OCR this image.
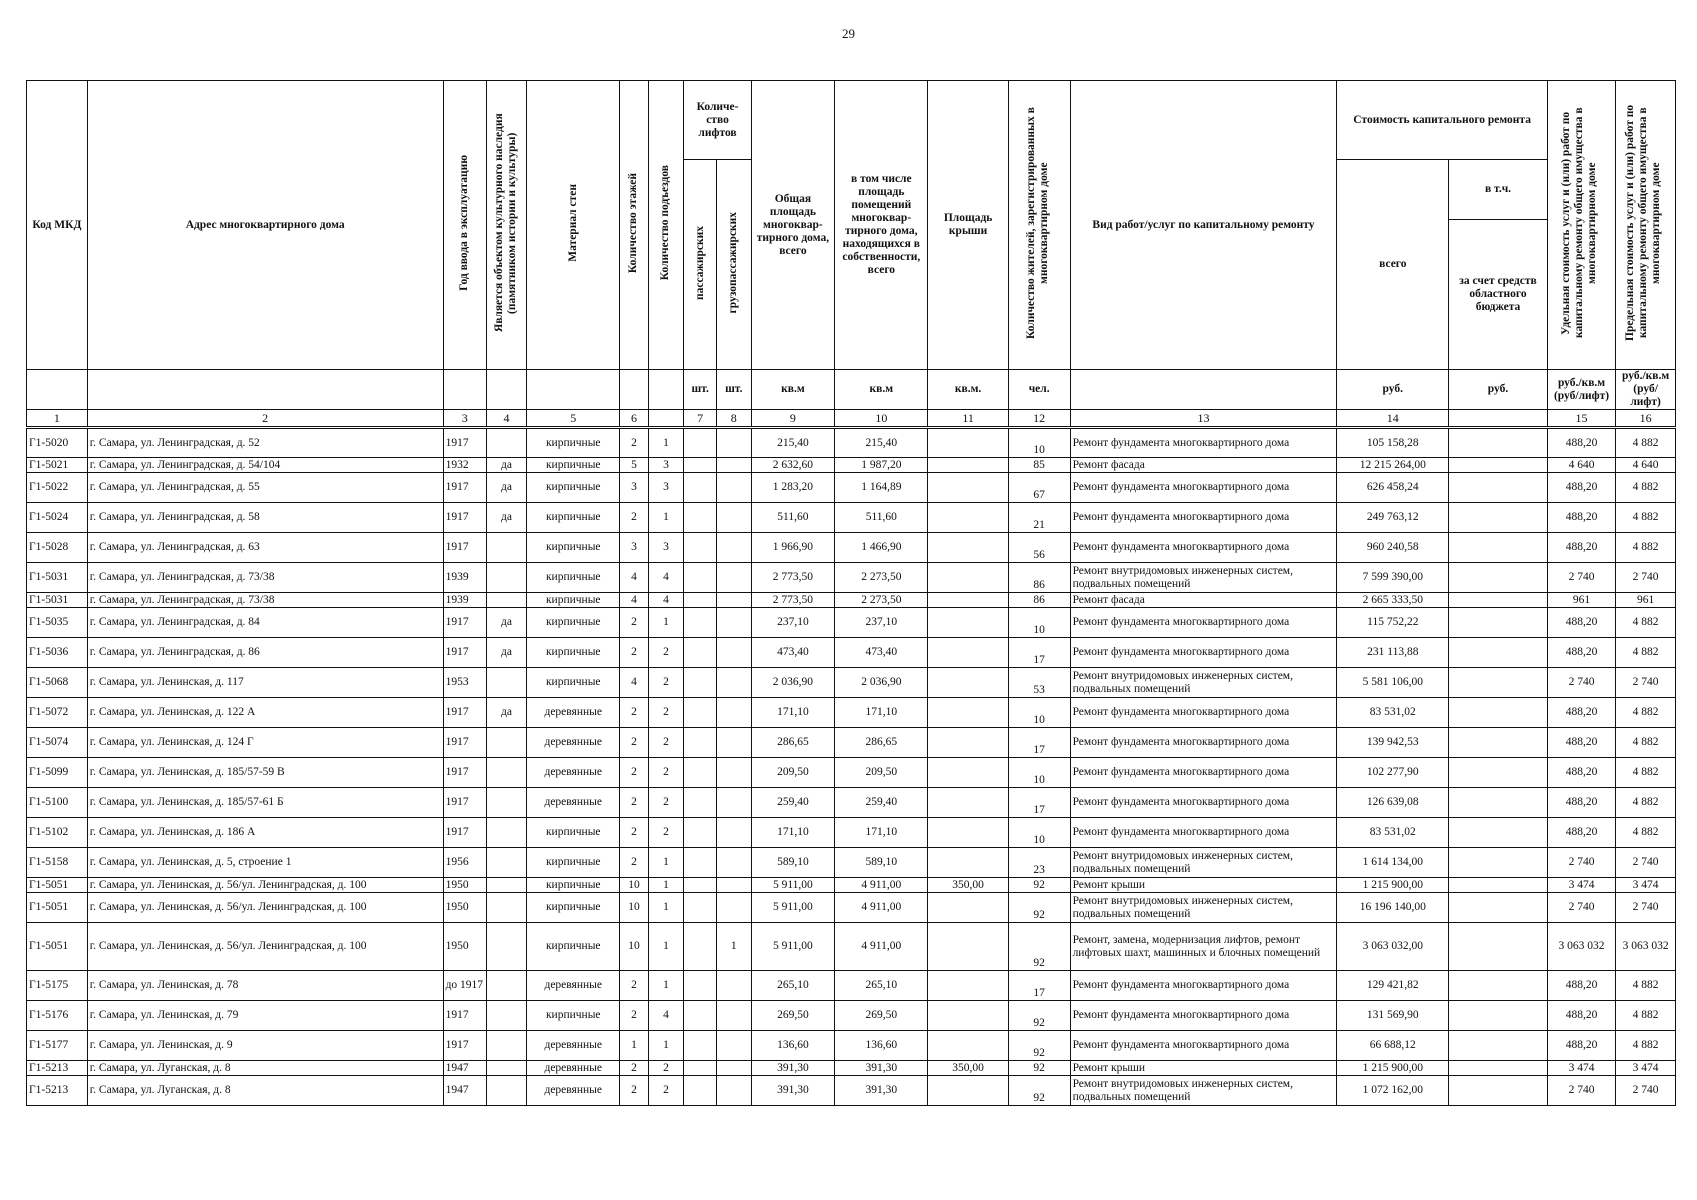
29
Код МКД	Адрес многоквартирного дома	Год ввода в эксплуатацию	Является объектом культурного наследия (памятником истории и культуры)	Материал стен	Количество этажей	Количество подъездов	Количе-ство лифтов		Общая площадь многоквар-тирного дома, всего	в том числе площадь помещений многоквар-тирного дома, находящихся в собственности, всего	Площадь крыши	Количество жителей, зарегистрированных в многоквартирном доме	Вид работ/услуг по капитальному ремонту	Стоимость капитального ремонта		Удельная стоимость услуг и (или) работ по капитальному ремонту общего имущества в многоквартирном доме	Предельная стоимость услуг и (или) работ по капитальному ремонту общего имущества в многоквартирном доме
							пассажирских	грузопассажирских						всего	в т.ч.		
															за счет средств областного бюджета		
							шт.	шт.	кв.м	кв.м	кв.м.	чел.		руб.	руб.	руб./кв.м (руб/лифт)	руб./кв.м (руб/лифт)
1	2	3	4	5	6		7	8	9	10	11	12	13	14		15	16
Г1-5020	г. Самара, ул. Ленинградская, д. 52	1917		кирпичные	2	1			215,40	215,40		10	Ремонт фундамента многоквартирного дома	105 158,28		488,20	4 882
Г1-5021	г. Самара, ул. Ленинградская, д. 54/104	1932	да	кирпичные	5	3			2 632,60	1 987,20		85	Ремонт фасада	12 215 264,00		4 640	4 640
Г1-5022	г. Самара, ул. Ленинградская, д. 55	1917	да	кирпичные	3	3			1 283,20	1 164,89		67	Ремонт фундамента многоквартирного дома	626 458,24		488,20	4 882
Г1-5024	г. Самара, ул. Ленинградская, д. 58	1917	да	кирпичные	2	1			511,60	511,60		21	Ремонт фундамента многоквартирного дома	249 763,12		488,20	4 882
Г1-5028	г. Самара, ул. Ленинградская, д. 63	1917		кирпичные	3	3			1 966,90	1 466,90		56	Ремонт фундамента многоквартирного дома	960 240,58		488,20	4 882
Г1-5031	г. Самара, ул. Ленинградская, д. 73/38	1939		кирпичные	4	4			2 773,50	2 273,50		86	Ремонт внутридомовых инженерных систем, подвальных помещений	7 599 390,00		2 740	2 740
Г1-5031	г. Самара, ул. Ленинградская, д. 73/38	1939		кирпичные	4	4			2 773,50	2 273,50		86	Ремонт фасада	2 665 333,50		961	961
Г1-5035	г. Самара, ул. Ленинградская, д. 84	1917	да	кирпичные	2	1			237,10	237,10		10	Ремонт фундамента многоквартирного дома	115 752,22		488,20	4 882
Г1-5036	г. Самара, ул. Ленинградская, д. 86	1917	да	кирпичные	2	2			473,40	473,40		17	Ремонт фундамента многоквартирного дома	231 113,88		488,20	4 882
Г1-5068	г. Самара, ул. Ленинская, д. 117	1953		кирпичные	4	2			2 036,90	2 036,90		53	Ремонт внутридомовых инженерных систем, подвальных помещений	5 581 106,00		2 740	2 740
Г1-5072	г. Самара, ул. Ленинская, д. 122 А	1917	да	деревянные	2	2			171,10	171,10		10	Ремонт фундамента многоквартирного дома	83 531,02		488,20	4 882
Г1-5074	г. Самара, ул. Ленинская, д. 124 Г	1917		деревянные	2	2			286,65	286,65		17	Ремонт фундамента многоквартирного дома	139 942,53		488,20	4 882
Г1-5099	г. Самара, ул. Ленинская, д. 185/57-59 В	1917		деревянные	2	2			209,50	209,50		10	Ремонт фундамента многоквартирного дома	102 277,90		488,20	4 882
Г1-5100	г. Самара, ул. Ленинская, д. 185/57-61 Б	1917		деревянные	2	2			259,40	259,40		17	Ремонт фундамента многоквартирного дома	126 639,08		488,20	4 882
Г1-5102	г. Самара, ул. Ленинская, д. 186 А	1917		кирпичные	2	2			171,10	171,10		10	Ремонт фундамента многоквартирного дома	83 531,02		488,20	4 882
Г1-5158	г. Самара, ул. Ленинская, д. 5, строение 1	1956		кирпичные	2	1			589,10	589,10		23	Ремонт внутридомовых инженерных систем, подвальных помещений	1 614 134,00		2 740	2 740
Г1-5051	г. Самара, ул. Ленинская, д. 56/ул. Ленинградская, д. 100	1950		кирпичные	10	1			5 911,00	4 911,00	350,00	92	Ремонт крыши	1 215 900,00		3 474	3 474
Г1-5051	г. Самара, ул. Ленинская, д. 56/ул. Ленинградская, д. 100	1950		кирпичные	10	1			5 911,00	4 911,00		92	Ремонт внутридомовых инженерных систем, подвальных помещений	16 196 140,00		2 740	2 740
Г1-5051	г. Самара, ул. Ленинская, д. 56/ул. Ленинградская, д. 100	1950		кирпичные	10	1		1	5 911,00	4 911,00		92	Ремонт, замена, модернизация лифтов, ремонт лифтовых шахт, машинных и блочных помещений	3 063 032,00		3 063 032	3 063 032
Г1-5175	г. Самара, ул. Ленинская, д. 78	до 1917		деревянные	2	1			265,10	265,10		17	Ремонт фундамента многоквартирного дома	129 421,82		488,20	4 882
Г1-5176	г. Самара, ул. Ленинская, д. 79	1917		кирпичные	2	4			269,50	269,50		92	Ремонт фундамента многоквартирного дома	131 569,90		488,20	4 882
Г1-5177	г. Самара, ул. Ленинская, д. 9	1917		деревянные	1	1			136,60	136,60		92	Ремонт фундамента многоквартирного дома	66 688,12		488,20	4 882
Г1-5213	г. Самара, ул. Луганская, д. 8	1947		деревянные	2	2			391,30	391,30	350,00	92	Ремонт крыши	1 215 900,00		3 474	3 474
Г1-5213	г. Самара, ул. Луганская, д. 8	1947		деревянные	2	2			391,30	391,30		92	Ремонт внутридомовых инженерных систем, подвальных помещений	1 072 162,00		2 740	2 740
